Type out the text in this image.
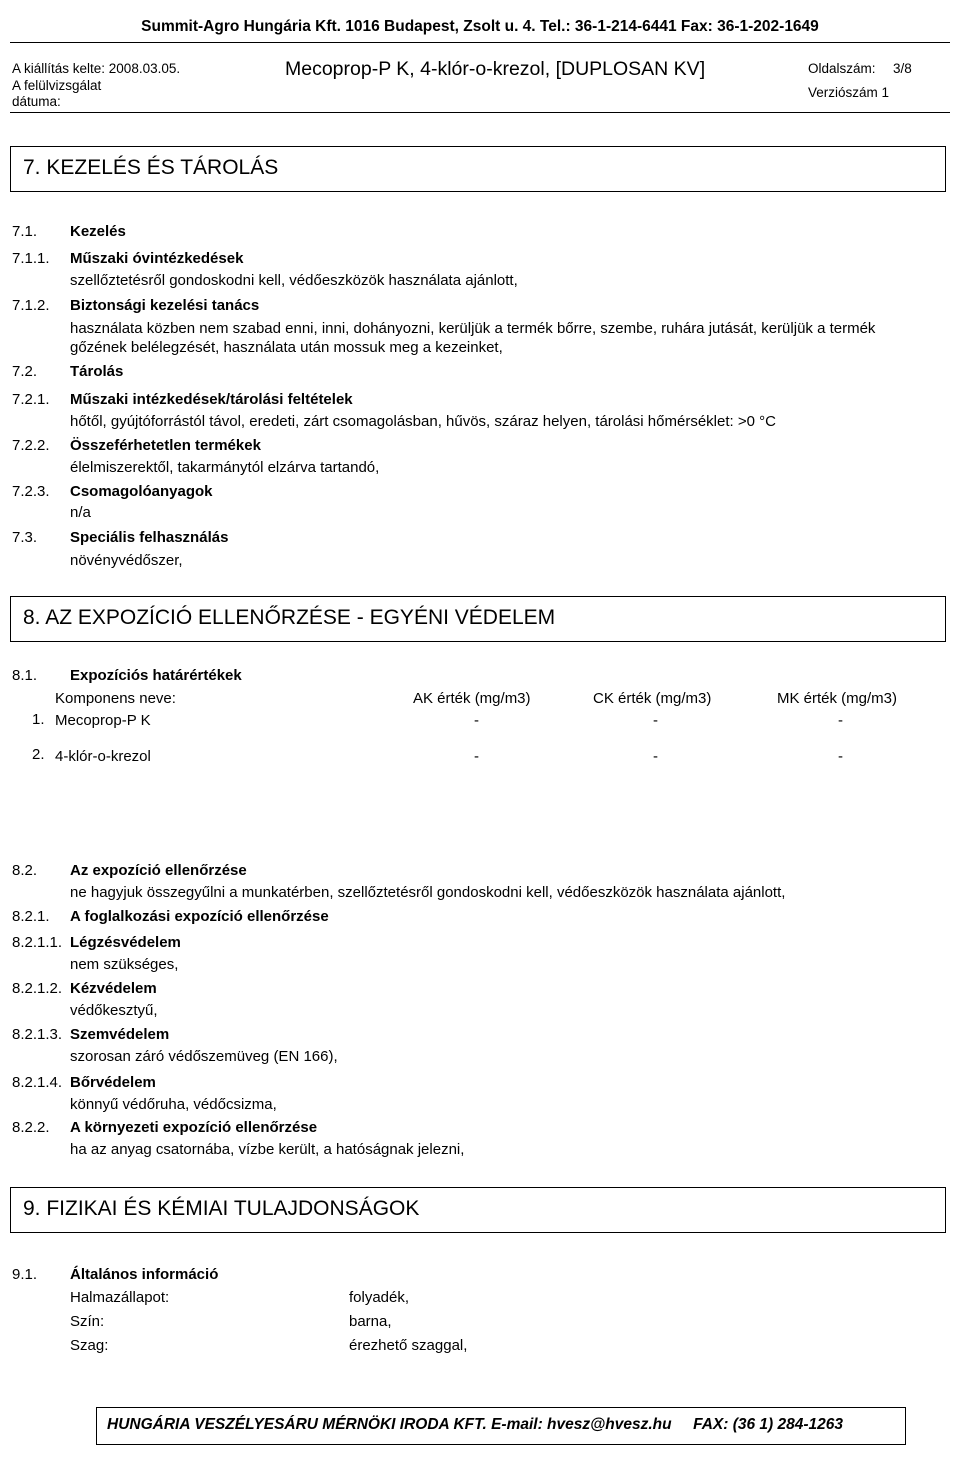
Summit-Agro Hungária Kft. 1016 Budapest, Zsolt u. 4. Tel.: 36-1-214-6441 Fax: 36-1-202-1649
A kiállítás kelte: 2008.03.05.
A felülvizsgálat
dátuma:
Mecoprop-P K, 4-klór-o-krezol, [DUPLOSAN KV]	Oldalszám: 3/8
Verziószám 1
7. KEZELÉS ÉS TÁROLÁS
7.1. Kezelés
7.1.1. Műszaki óvintézkedések
szellőztetésről gondoskodni kell, védőeszközök használata ajánlott,
7.1.2. Biztonsági kezelési tanács
használata közben nem szabad enni, inni, dohányozni, kerüljük a termék bőrre, szembe, ruhára jutását, kerüljük a termék
gőzének belélegzését, használata után mossuk meg a kezeinket,
7.2. Tárolás
7.2.1. Műszaki intézkedések/tárolási feltételek
hőtől, gyújtóforrástól távol, eredeti, zárt csomagolásban, hűvös, száraz helyen, tárolási hőmérséklet: >0 °C
7.2.2. Összeférhetetlen termékek
élelmiszerektől, takarmánytól elzárva tartandó,
7.2.3. Csomagolóanyagok
n/a
7.3. Speciális felhasználás
növényvédőszer,
8. AZ EXPOZÍCIÓ ELLENŐRZÉSE - EGYÉNI VÉDELEM
8.1. Expozíciós határértékek
Komponens neve:	AK érték (mg/m3)	CK érték (mg/m3)	MK érték (mg/m3)
1. Mecoprop-P K	-	-	-
2. 4-klór-o-krezol	-	-	-
8.2. Az expozíció ellenőrzése
ne hagyjuk összegyűlni a munkatérben, szellőztetésről gondoskodni kell, védőeszközök használata ajánlott,
8.2.1. A foglalkozási expozíció ellenőrzése
8.2.1.1. Légzésvédelem
nem szükséges,
8.2.1.2. Kézvédelem
védőkesztyű,
8.2.1.3. Szemvédelem
szorosan záró védőszemüveg (EN 166),
8.2.1.4. Bőrvédelem
könnyű védőruha, védőcsizma,
8.2.2. A környezeti expozíció ellenőrzése
ha az anyag csatornába, vízbe került, a hatóságnak jelezni,
9. FIZIKAI ÉS KÉMIAI TULAJDONSÁGOK
9.1. Általános információ
Halmazállapot:	folyadék,
Szín:	barna,
Szag:	érezhető szaggal,
HUNGÁRIA VESZÉLYESÁRU MÉRNÖKI IRODA KFT. E-mail: hvesz@hvesz.hu     FAX: (36 1) 284-1263
